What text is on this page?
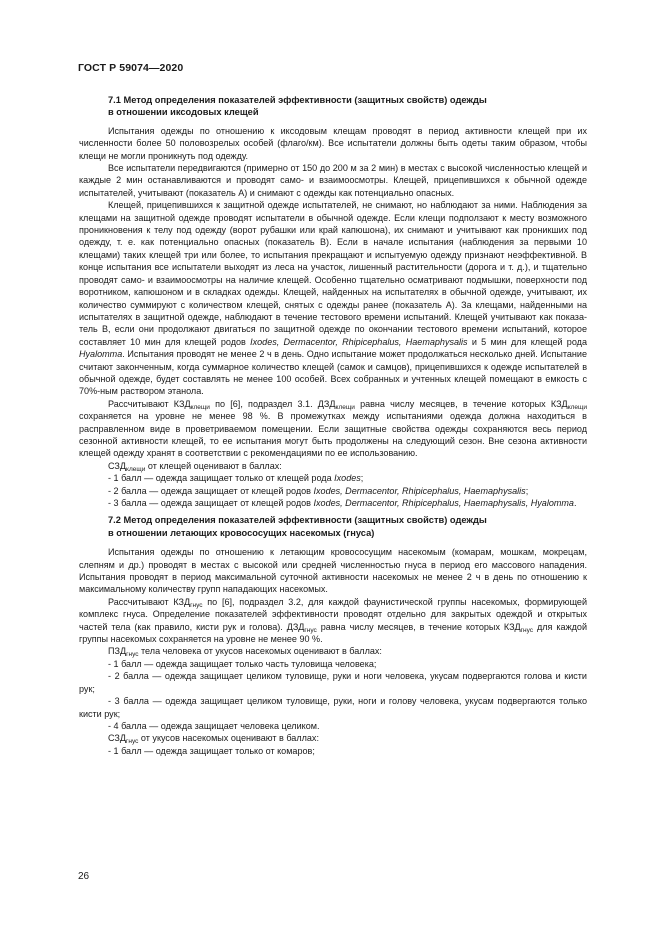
ГОСТ Р 59074—2020
7.1 Метод определения показателей эффективности (защитных свойств) одежды
в отношении иксодовых клещей

Испытания одежды по отношению к иксодовым клещам проводят в период активности клещей при их численности более 50 половозрелых особей (флаго/км). Все испытатели должны быть одеты таким образом, чтобы клещи не могли проникнуть под одежду.

Все испытатели передвигаются (примерно от 150 до 200 м за 2 мин) в местах с высокой численностью клещей и каждые 2 мин останавливаются и проводят само- и взаимоосмотры. Клещей, прицепившихся к обычной одежде испытателей, учитывают (показатель А) и снимают с одежды как потенциально опасных.

Клещей, прицепившихся к защитной одежде испытателей, не снимают, но наблюдают за ними. Наблюдения за клещами на защитной одежде проводят испытатели в обычной одежде. Если клещи подползают к месту возможного проникновения к телу под одежду (ворот рубашки или край капюшона), их снимают и учитывают как проникших под одежду, т. е. как потенциально опасных (показатель В). Если в начале испытания (наблюдения за первыми 10 клещами) таких клещей три или более, то испытания прекращают и испытуемую одежду признают неэффективной. В конце испытания все испытатели выходят из леса на участок, лишенный растительности (дорога и т. д.), и тщательно проводят само- и взаимоосмотры на наличие клещей. Особенно тщательно осматривают подмышки, поверхности под воротником, капюшоном и в складках одежды. Клещей, найденных на испытателях в обычной одежде, учитывают, их количество суммируют с количеством клещей, снятых с одежды ранее (показатель А). За клещами, найденными на испытателях в защитной одежде, наблюдают в течение тестового времени испытаний. Клещей учитывают как показатель В, если они продолжают двигаться по защитной одежде по окончании тестового времени испытаний, которое составляет 10 мин для клещей родов Ixodes, Dermacentor, Rhipicephalus, Haemaphysalis и 5 мин для клещей рода Hyalomma. Испытания проводят не менее 2 ч в день. Одно испытание может продолжаться несколько дней. Испытание считают законченным, когда суммарное количество клещей (самок и самцов), прицепившихся к одежде испытателей в обычной одежде, будет составлять не менее 100 особей. Всех собранных и учтенных клещей помещают в емкость с 70%-ным раствором этанола.

Рассчитывают $КЗД_{клещи}$ по [6], подраздел 3.1. $ДЗД_{клещи}$ равна числу месяцев, в течение которых $КЗД_{клещи}$ сохраняется на уровне не менее 98 %. В промежутках между испытаниями одежда должна находиться в расправленном виде в проветриваемом помещении. Если защитные свойства одежды сохраняются весь период сезонной активности клещей, то ее испытания могут быть продолжены на следующий сезон. Вне сезона активности клещей одежду хранят в соответствии с рекомендациями по ее использованию.

$СЗД_{клещи}$ от клещей оценивают в баллах:

- 1 балл — одежда защищает только от клещей рода Ixodes;

- 2 балла — одежда защищает от клещей родов Ixodes, Dermacentor, Rhipicephalus, Haemaphysalis;

- 3 балла — одежда защищает от клещей родов Ixodes, Dermacentor, Rhipicephalus, Haemaphysalis, Hyalomma.

7.2 Метод определения показателей эффективности (защитных свойств) одежды
в отношении летающих кровососущих насекомых (гнуса)

Испытания одежды по отношению к летающим кровососущим насекомым (комарам, мошкам, мокрецам, слепням и др.) проводят в местах с высокой или средней численностью гнуса в период его массового нападения. Испытания проводят в период максимальной суточной активности насекомых не менее 2 ч в день по отношению к максимальному количеству групп нападающих насекомых.

Рассчитывают $КЗД_{гнус}$ по [6], подраздел 3.2, для каждой фаунистической группы насекомых, формирующей комплекс гнуса. Определение показателей эффективности проводят отдельно для закрытых одеждой и открытых частей тела (как правило, кисти рук и голова). $ДЗД_{гнус}$ равна числу месяцев, в течение которых $КЗД_{гнус}$ для каждой группы насекомых сохраняется на уровне не менее 90 %.

$ПЗД_{гнус}$ тела человека от укусов насекомых оценивают в баллах:

- 1 балл — одежда защищает только часть туловища человека;

- 2 балла — одежда защищает целиком туловище, руки и ноги человека, укусам подвергаются голова и кисти рук;

- 3 балла — одежда защищает целиком туловище, руки, ноги и голову человека, укусам подвергаются только кисти рук;

- 4 балла — одежда защищает человека целиком.

$СЗД_{гнус}$ от укусов насекомых оценивают в баллах:

- 1 балл — одежда защищает только от комаров;

26
